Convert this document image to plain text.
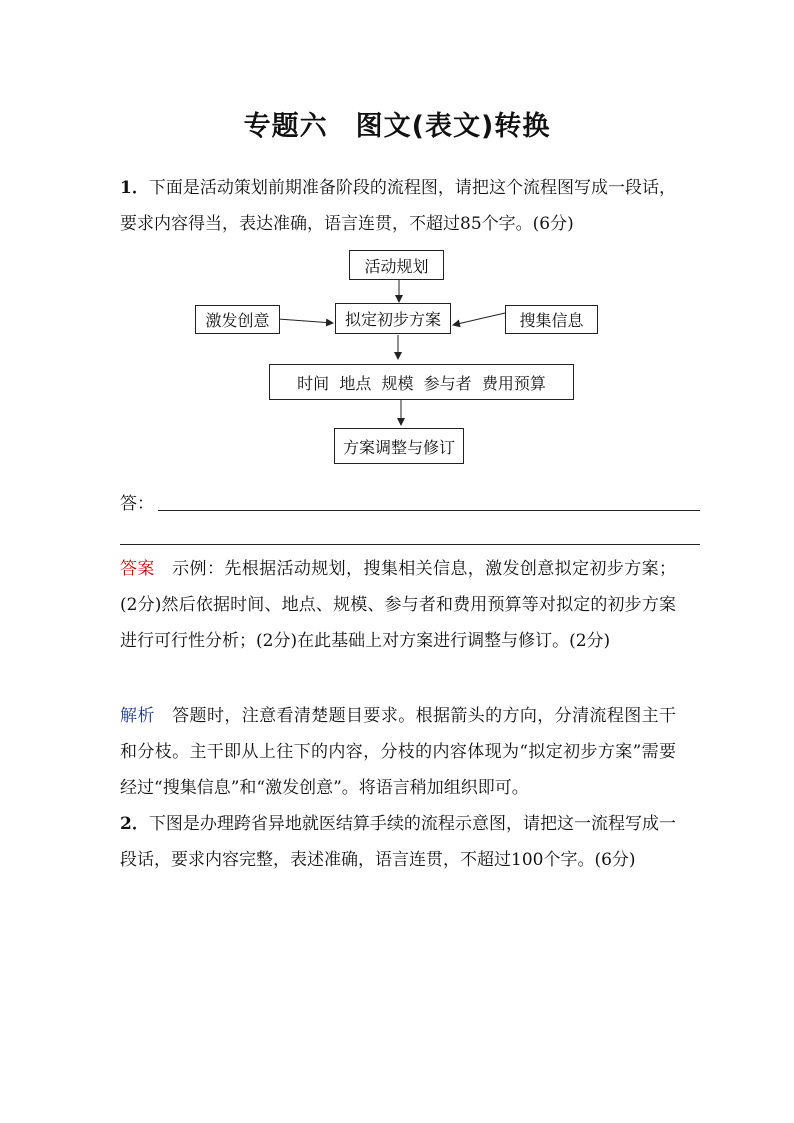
专题六 图文(表文)转换
1．下面是活动策划前期准备阶段的流程图，请把这个流程图写成一段话，要求内容得当，表达准确，语言连贯，不超过85个字。(6分)
活动规划
激发创意	拟定初步方案	搜集信息
时间  地点  规模  参与者  费用预算
方案调整与修订
答：
答案  示例：先根据活动规划，搜集相关信息，激发创意拟定初步方案；(2分)然后依据时间、地点、规模、参与者和费用预算等对拟定的初步方案进行可行性分析；(2分)在此基础上对方案进行调整与修订。(2分)
解析  答题时，注意看清楚题目要求。根据箭头的方向，分清流程图主干和分枝。主干即从上往下的内容，分枝的内容体现为“拟定初步方案”需要经过“搜集信息”和“激发创意”。将语言稍加组织即可。
2．下图是办理跨省异地就医结算手续的流程示意图，请把这一流程写成一段话，要求内容完整，表述准确，语言连贯，不超过100个字。(6分)
